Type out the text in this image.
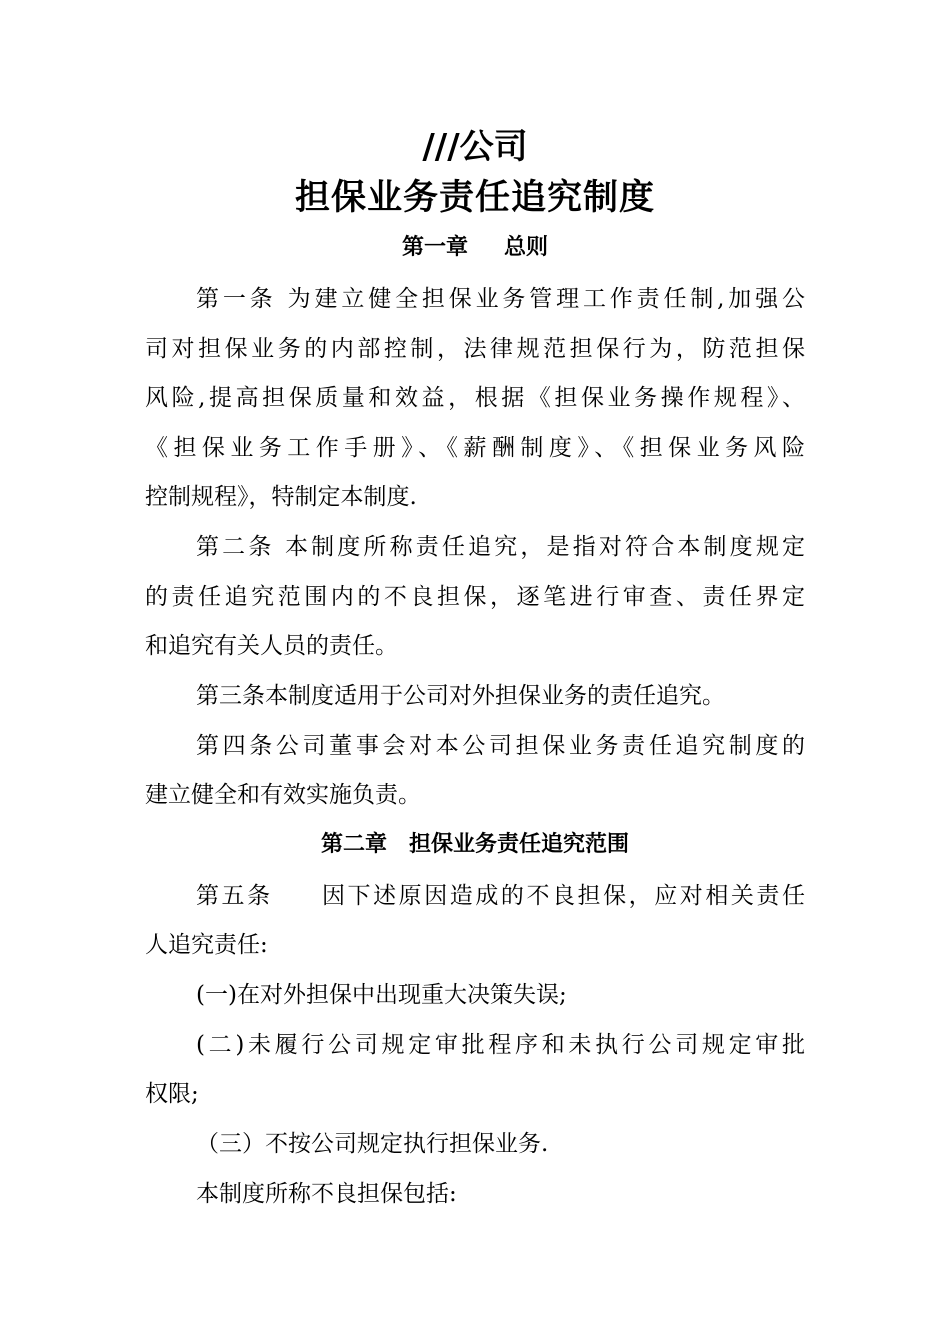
///公司
担保业务责任追究制度
第一章 总则
第一条 为建立健全担保业务管理工作责任制,加强公
司对担保业务的内部控制，法律规范担保行为，防范担保
风险,提高担保质量和效益，根据《担保业务操作规程》、
《担保业务工作手册》、《薪酬制度》、《担保业务风险
控制规程》，特制定本制度.
第二条 本制度所称责任追究，是指对符合本制度规定
的责任追究范围内的不良担保，逐笔进行审查、责任界定
和追究有关人员的责任。
第三条本制度适用于公司对外担保业务的责任追究。
第四条公司董事会对本公司担保业务责任追究制度的
建立健全和有效实施负责。
第二章 担保业务责任追究范围
第五条     因下述原因造成的不良担保，应对相关责任
人追究责任:
(一)在对外担保中出现重大决策失误;
(二)未履行公司规定审批程序和未执行公司规定审批
权限;
（三）不按公司规定执行担保业务.
本制度所称不良担保包括:
